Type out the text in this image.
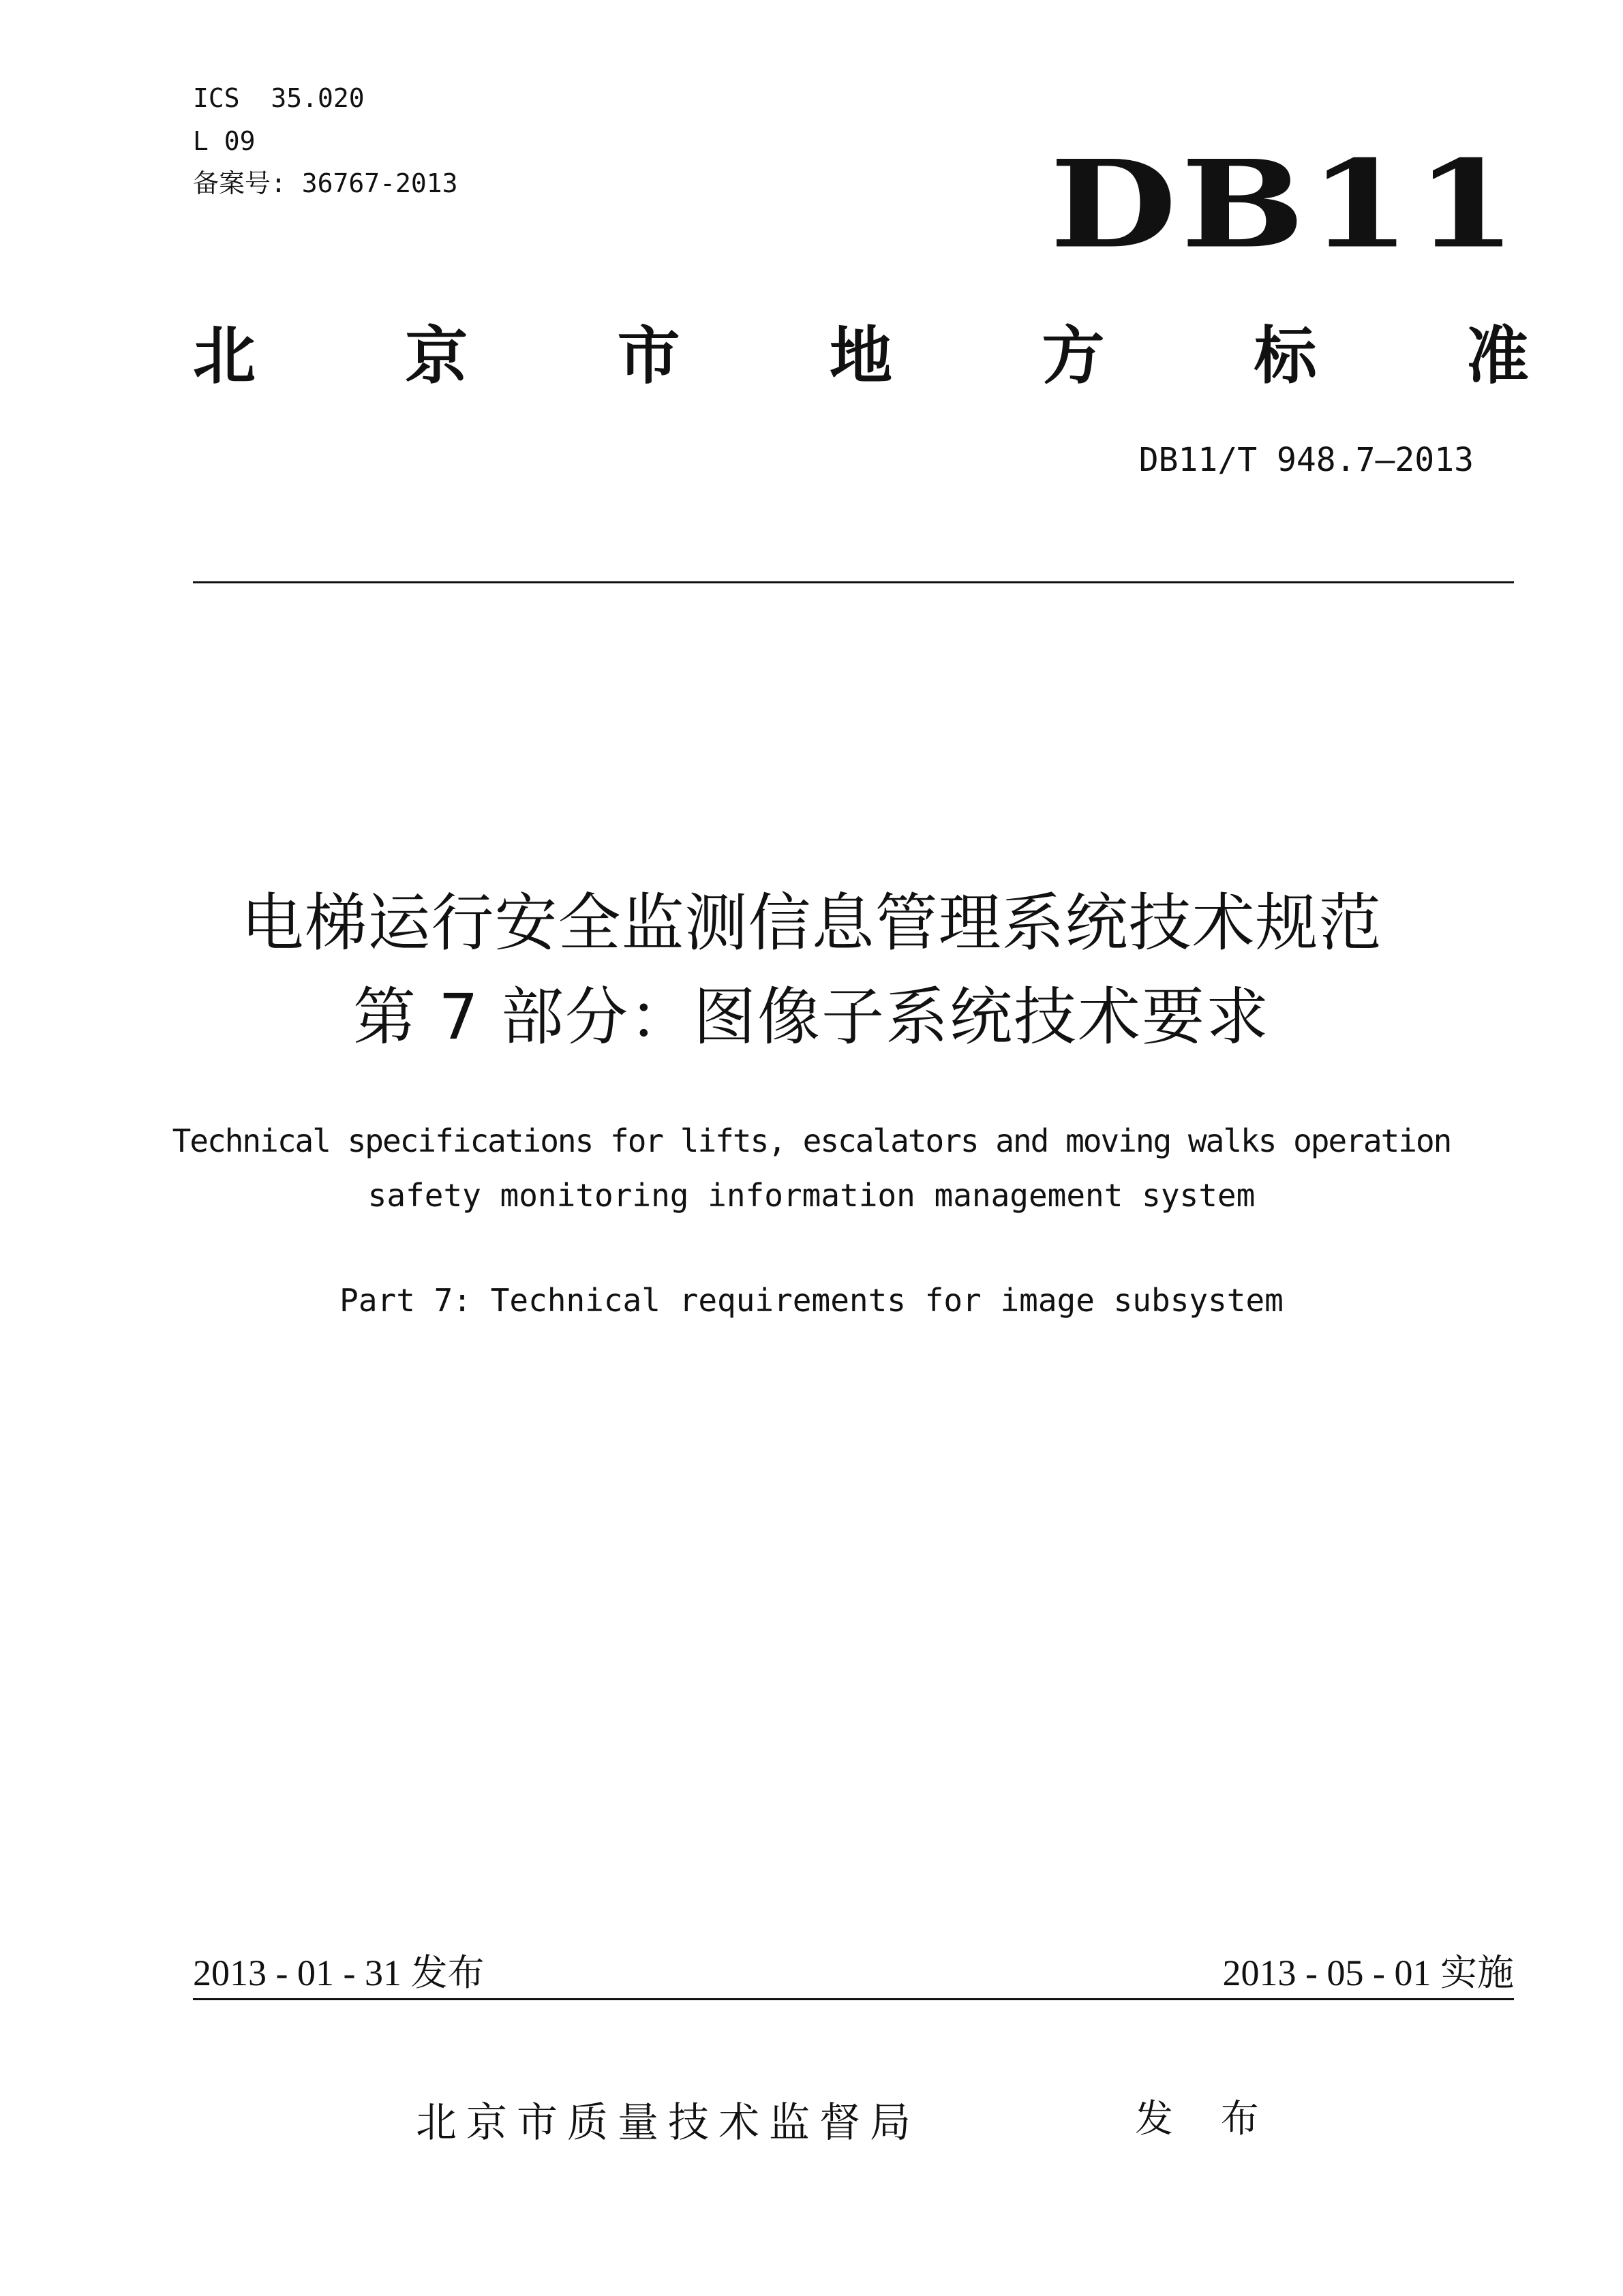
ICS  35.020
L 09
备案号: 36767-2013	DB11
北 京 市 地 方 标 准
DB11/T 948.7—2013
电梯运行安全监测信息管理系统技术规范
第 7 部分：图像子系统技术要求
Technical specifications for lifts, escalators and moving walks operation
safety monitoring information management system
Part 7: Technical requirements for image subsystem
2013 - 01 - 31 发布	2013 - 05 - 01 实施
北京市质量技术监督局	发 布
